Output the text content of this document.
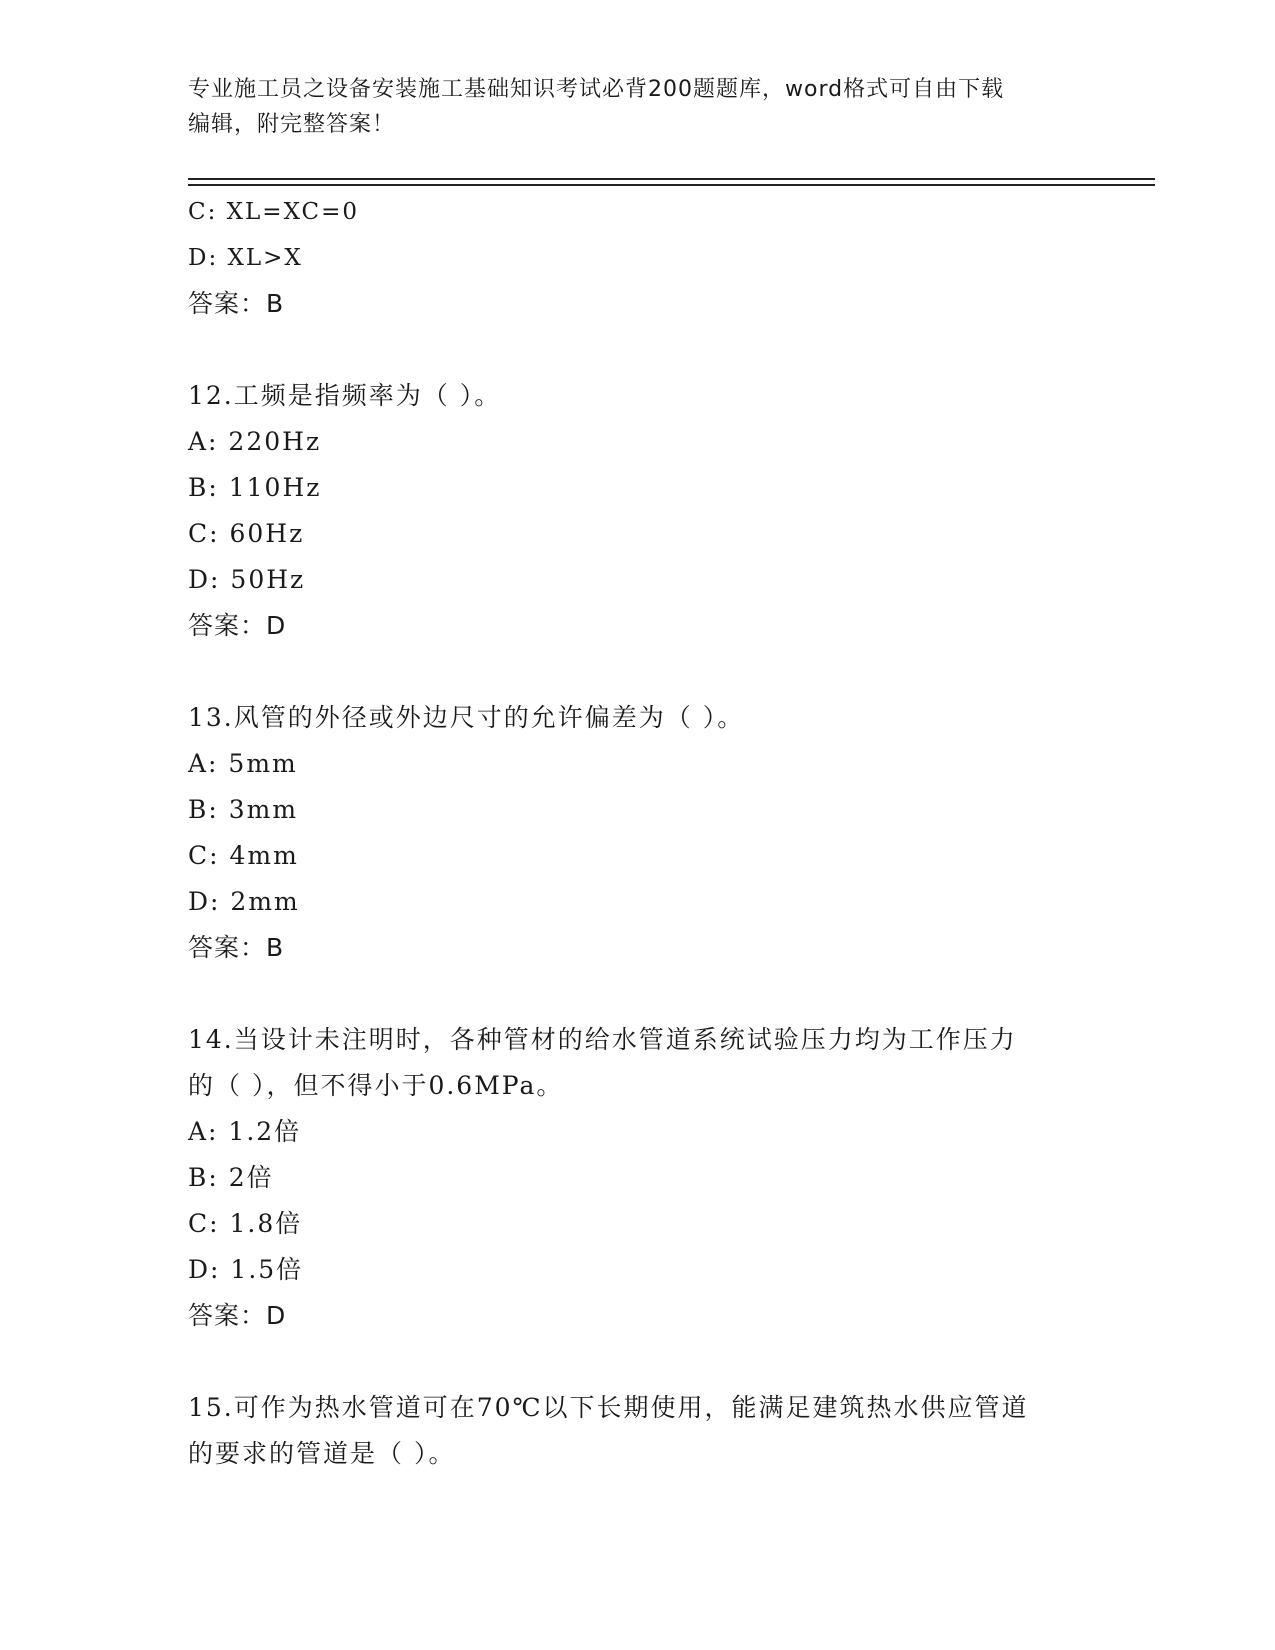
专业施工员之设备安装施工基础知识考试必背200题题库，word格式可自由下载
编辑，附完整答案！
C: XL=XC=0
D: XL>X
答案：B
12.工频是指频率为（ ）。
A: 220Hz
B: 110Hz
C: 60Hz
D: 50Hz
答案：D
13.风管的外径或外边尺寸的允许偏差为（ ）。
A: 5mm
B: 3mm
C: 4mm
D: 2mm
答案：B
14.当设计未注明时，各种管材的给水管道系统试验压力均为工作压力
的（ ），但不得小于0.6MPa。
A: 1.2倍
B: 2倍
C: 1.8倍
D: 1.5倍
答案：D
15.可作为热水管道可在70℃以下长期使用，能满足建筑热水供应管道
的要求的管道是（ ）。
